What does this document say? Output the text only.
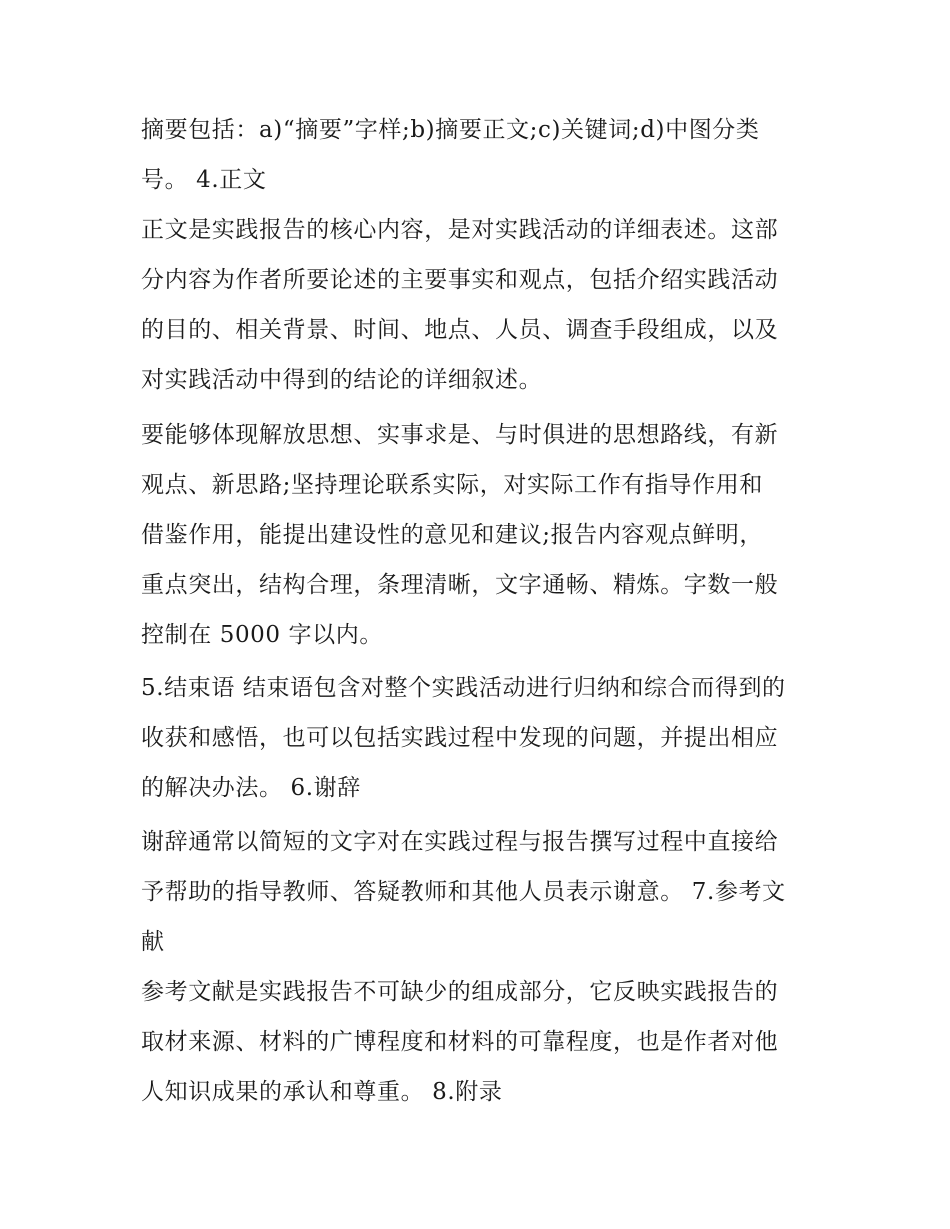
摘要包括：a)“摘要”字样;b)摘要正文;c)关键词;d)中图分类
号。 4.正文
正文是实践报告的核心内容，是对实践活动的详细表述。这部
分内容为作者所要论述的主要事实和观点，包括介绍实践活动
的目的、相关背景、时间、地点、人员、调查手段组成，以及
对实践活动中得到的结论的详细叙述。
要能够体现解放思想、实事求是、与时俱进的思想路线，有新
观点、新思路;坚持理论联系实际，对实际工作有指导作用和
借鉴作用，能提出建设性的意见和建议;报告内容观点鲜明，
重点突出，结构合理，条理清晰，文字通畅、精炼。字数一般
控制在 5000 字以内。
5.结束语 结束语包含对整个实践活动进行归纳和综合而得到的
收获和感悟，也可以包括实践过程中发现的问题，并提出相应
的解决办法。 6.谢辞
谢辞通常以简短的文字对在实践过程与报告撰写过程中直接给
予帮助的指导教师、答疑教师和其他人员表示谢意。 7.参考文
献
参考文献是实践报告不可缺少的组成部分，它反映实践报告的
取材来源、材料的广博程度和材料的可靠程度，也是作者对他
人知识成果的承认和尊重。 8.附录
